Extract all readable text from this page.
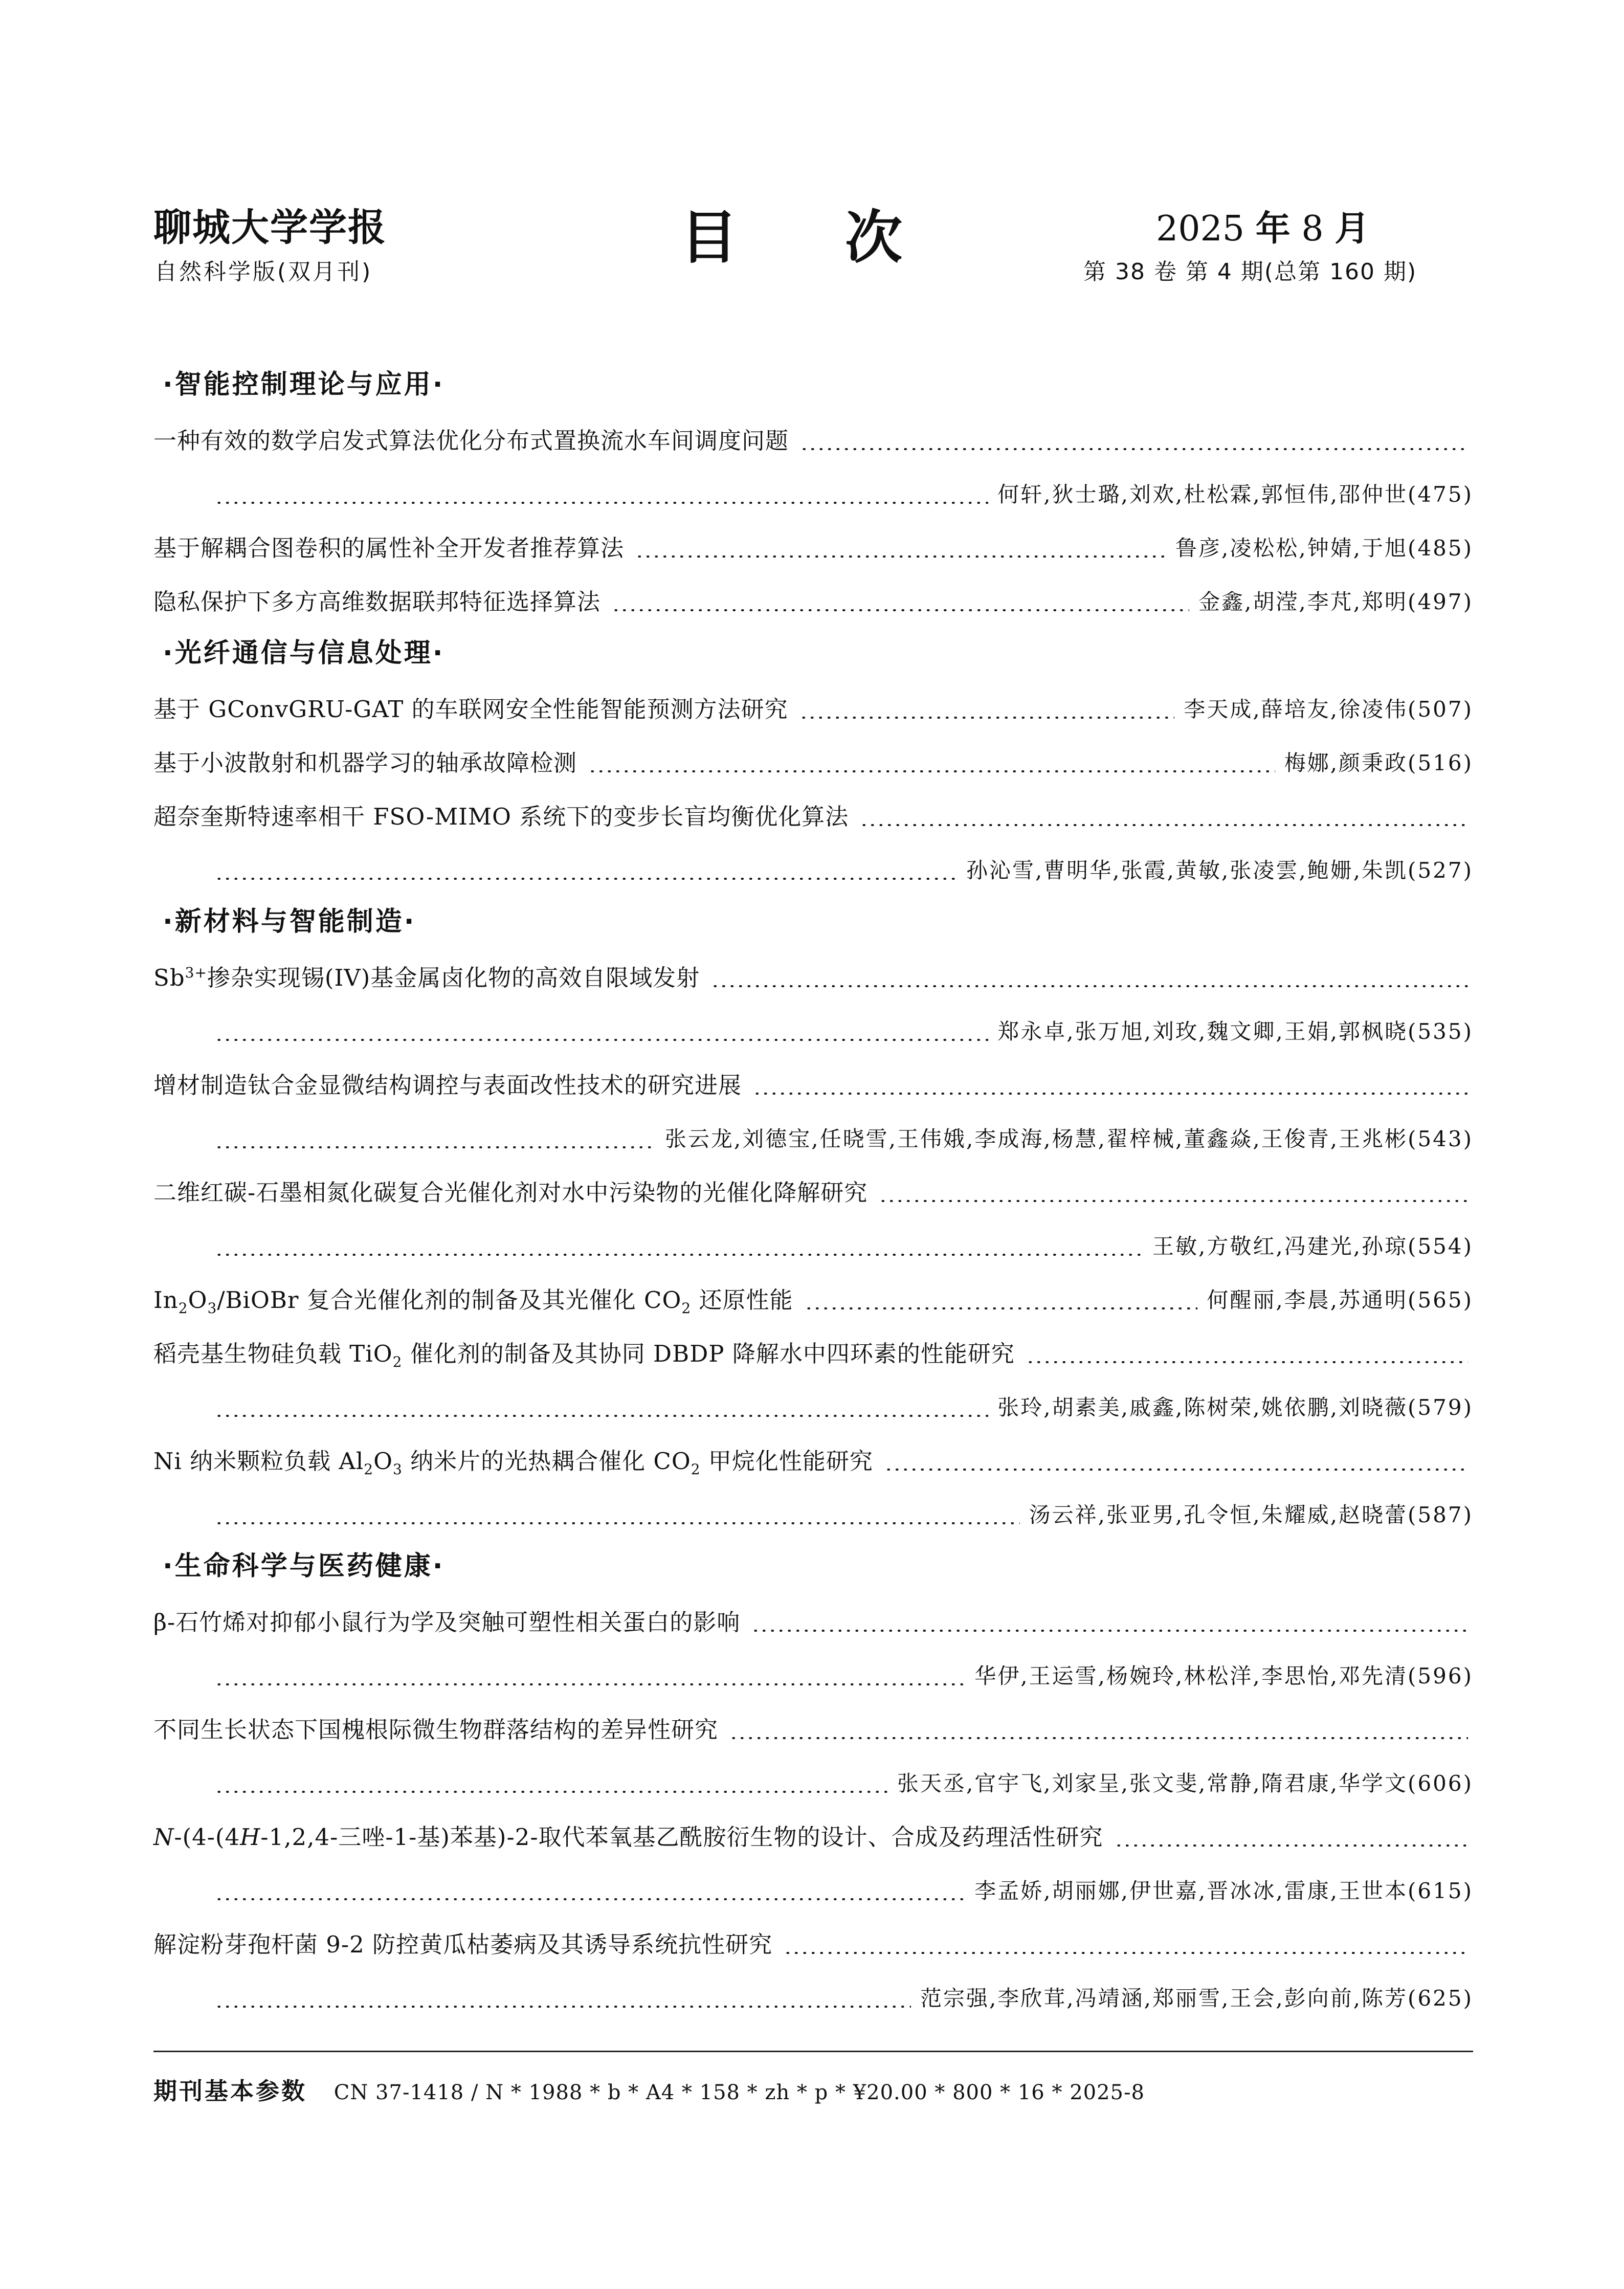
聊城大学学报
自然科学版(双月刊)
目次	2025 年 8 月
第 38 卷 第 4 期(总第 160 期)
·智能控制理论与应用·
一种有效的数学启发式算法优化分布式置换流水车间调度问题
何轩,狄士璐,刘欢,杜松霖,郭恒伟,邵仲世(475)
基于解耦合图卷积的属性补全开发者推荐算法	鲁彦,凌松松,钟婧,于旭(485)
隐私保护下多方高维数据联邦特征选择算法	金鑫,胡滢,李芃,郑明(497)
·光纤通信与信息处理·
基于 GConvGRU-GAT 的车联网安全性能智能预测方法研究	李天成,薛培友,徐凌伟(507)
基于小波散射和机器学习的轴承故障检测	梅娜,颜秉政(516)
超奈奎斯特速率相干 FSO-MIMO 系统下的变步长盲均衡优化算法
孙沁雪,曹明华,张霞,黄敏,张凌雲,鲍姗,朱凯(527)
·新材料与智能制造·
$Sb^{3+}$掺杂实现锡(IV)基金属卤化物的高效自限域发射
郑永卓,张万旭,刘玫,魏文卿,王娟,郭枫晓(535)
增材制造钛合金显微结构调控与表面改性技术的研究进展
张云龙,刘德宝,任晓雪,王伟娥,李成海,杨慧,翟梓械,董鑫焱,王俊青,王兆彬(543)
二维红碳-石墨相氮化碳复合光催化剂对水中污染物的光催化降解研究
王敏,方敬红,冯建光,孙琼(554)
$In_2O_3$/BiOBr 复合光催化剂的制备及其光催化 $CO_2$ 还原性能	何醒丽,李晨,苏通明(565)
稻壳基生物硅负载 TiO$_2$ 催化剂的制备及其协同 DBDP 降解水中四环素的性能研究
张玲,胡素美,戚鑫,陈树荣,姚依鹏,刘晓薇(579)
Ni 纳米颗粒负载 $Al_2O_3$ 纳米片的光热耦合催化 $CO_2$ 甲烷化性能研究
汤云祥,张亚男,孔令恒,朱耀威,赵晓蕾(587)
·生命科学与医药健康·
β-石竹烯对抑郁小鼠行为学及突触可塑性相关蛋白的影响
华伊,王运雪,杨婉玲,林松洋,李思怡,邓先清(596)
不同生长状态下国槐根际微生物群落结构的差异性研究
张天丞,官宇飞,刘家呈,张文斐,常静,隋君康,华学文(606)
N-(4-(4H-1,2,4-三唑-1-基)苯基)-2-取代苯氧基乙酰胺衍生物的设计、合成及药理活性研究
李孟娇,胡丽娜,伊世嘉,晋冰冰,雷康,王世本(615)
解淀粉芽孢杆菌 9-2 防控黄瓜枯萎病及其诱导系统抗性研究
范宗强,李欣茸,冯靖涵,郑丽雪,王会,彭向前,陈芳(625)
期刊基本参数 CN 37-1418 / N * 1988 * b * A4 * 158 * zh * p * ¥20.00 * 800 * 16 * 2025-8
